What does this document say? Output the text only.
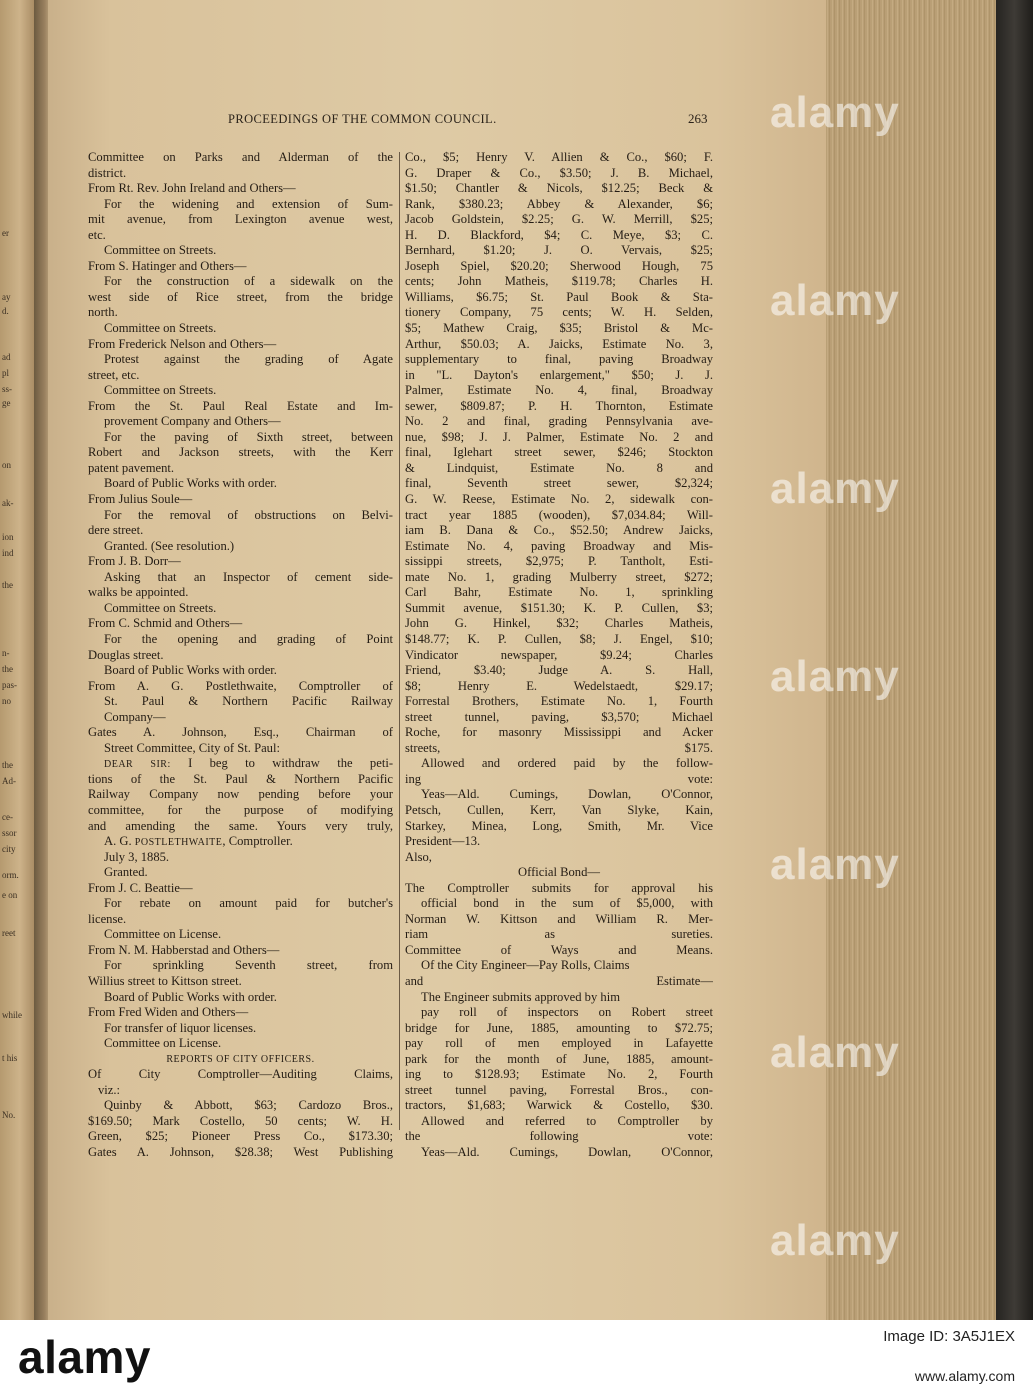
er
ay
d.
ad
pl
ss-
ge
on
ak-
ion
ind
the
n-
the
pas-
no
the
Ad-
ce-
ssor
city
orm.
e on
reet
while
t his
No.
PROCEEDINGS OF THE COMMON COUNCIL.	263
Committee on Parks and Alderman of the
district.
From Rt. Rev. John Ireland and Others—
For the widening and extension of Sum-
mit avenue, from Lexington avenue west,
etc.
Committee on Streets.
From S. Hatinger and Others—
For the construction of a sidewalk on the
west side of Rice street, from the bridge
north.
Committee on Streets.
From Frederick Nelson and Others—
Protest against the grading of Agate
street, etc.
Committee on Streets.
From the St. Paul Real Estate and Im-
provement Company and Others—
For the paving of Sixth street, between
Robert and Jackson streets, with the Kerr
patent pavement.
Board of Public Works with order.
From Julius Soule—
For the removal of obstructions on Belvi-
dere street.
Granted. (See resolution.)
From J. B. Dorr—
Asking that an Inspector of cement side-
walks be appointed.
Committee on Streets.
From C. Schmid and Others—
For the opening and grading of Point
Douglas street.
Board of Public Works with order.
From A. G. Postlethwaite, Comptroller of
St. Paul & Northern Pacific Railway
Company—
Gates A. Johnson, Esq., Chairman of
Street Committee, City of St. Paul:
DEAR SIR: I beg to withdraw the peti-
tions of the St. Paul & Northern Pacific
Railway Company now pending before your
committee, for the purpose of modifying
and amending the same. Yours very truly,
A. G. POSTLETHWAITE, Comptroller.
July 3, 1885.
Granted.
From J. C. Beattie—
For rebate on amount paid for butcher's
license.
Committee on License.
From N. M. Habberstad and Others—
For sprinkling Seventh street, from
Willius street to Kittson street.
Board of Public Works with order.
From Fred Widen and Others—
For transfer of liquor licenses.
Committee on License.
REPORTS OF CITY OFFICERS.
Of City Comptroller—Auditing Claims,
viz.:
Quinby & Abbott, $63; Cardozo Bros.,
$169.50; Mark Costello, 50 cents; W. H.
Green, $25; Pioneer Press Co., $173.30;
Gates A. Johnson, $28.38; West Publishing
Co., $5; Henry V. Allien & Co., $60; F.
G. Draper & Co., $3.50; J. B. Michael,
$1.50; Chantler & Nicols, $12.25; Beck &
Rank, $380.23; Abbey & Alexander, $6;
Jacob Goldstein, $2.25; G. W. Merrill, $25;
H. D. Blackford, $4; C. Meye, $3; C.
Bernhard, $1.20; J. O. Vervais, $25;
Joseph Spiel, $20.20; Sherwood Hough, 75
cents; John Matheis, $119.78; Charles H.
Williams, $6.75; St. Paul Book & Sta-
tionery Company, 75 cents; W. H. Selden,
$5; Mathew Craig, $35; Bristol & Mc-
Arthur, $50.03; A. Jaicks, Estimate No. 3,
supplementary to final, paving Broadway
in "L. Dayton's enlargement," $50; J. J.
Palmer, Estimate No. 4, final, Broadway
sewer, $809.87; P. H. Thornton, Estimate
No. 2 and final, grading Pennsylvania ave-
nue, $98; J. J. Palmer, Estimate No. 2 and
final, Iglehart street sewer, $246; Stockton
& Lindquist, Estimate No. 8 and
final, Seventh street sewer, $2,324;
G. W. Reese, Estimate No. 2, sidewalk con-
tract year 1885 (wooden), $7,034.84; Will-
iam B. Dana & Co., $52.50; Andrew Jaicks,
Estimate No. 4, paving Broadway and Mis-
sissippi streets, $2,975; P. Tantholt, Esti-
mate No. 1, grading Mulberry street, $272;
Carl Bahr, Estimate No. 1, sprinkling
Summit avenue, $151.30; K. P. Cullen, $3;
John G. Hinkel, $32; Charles Matheis,
$148.77; K. P. Cullen, $8; J. Engel, $10;
Vindicator newspaper, $9.24; Charles
Friend, $3.40; Judge A. S. Hall,
$8; Henry E. Wedelstaedt, $29.17;
Forrestal Brothers, Estimate No. 1, Fourth
street tunnel, paving, $3,570; Michael
Roche, for masonry Mississippi and Acker
streets, $175.
Allowed and ordered paid by the follow-
ing vote:
Yeas—Ald. Cumings, Dowlan, O'Connor,
Petsch, Cullen, Kerr, Van Slyke, Kain,
Starkey, Minea, Long, Smith, Mr. Vice
President—13.
Also,
Official Bond—
The Comptroller submits for approval his
official bond in the sum of $5,000, with
Norman W. Kittson and William R. Mer-
riam as sureties.
Committee of Ways and Means.
Of the City Engineer—Pay Rolls, Claims
and Estimate—
The Engineer submits approved by him
pay roll of inspectors on Robert street
bridge for June, 1885, amounting to $72.75;
pay roll of men employed in Lafayette
park for the month of June, 1885, amount-
ing to $128.93; Estimate No. 2, Fourth
street tunnel paving, Forrestal Bros., con-
tractors, $1,683; Warwick & Costello, $30.
Allowed and referred to Comptroller by
the following vote:
Yeas—Ald. Cumings, Dowlan, O'Connor,
alamy
alamy
alamy
alamy
alamy
alamy
alamy
alamy	Image ID: 3A5J1EX
www.alamy.com
